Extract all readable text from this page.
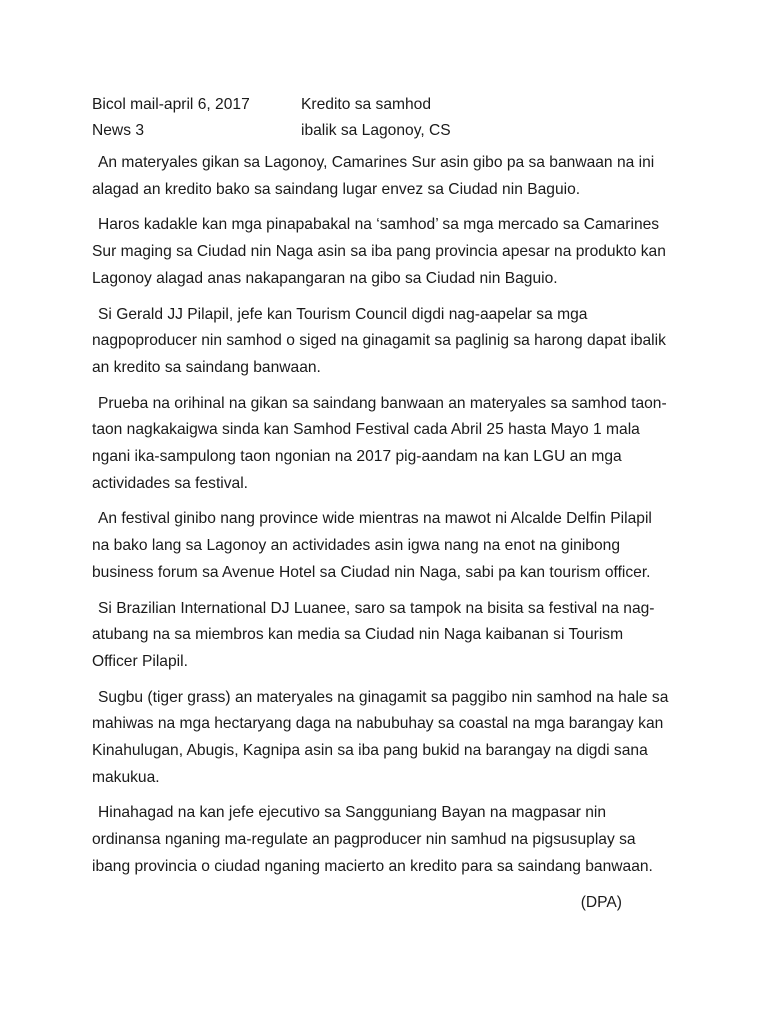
Bicol mail-april 6, 2017	Kredito sa samhod
News 3	ibalik sa Lagonoy, CS

An materyales gikan sa Lagonoy, Camarines Sur asin gibo pa sa banwaan na ini alagad an kredito bako sa saindang lugar envez sa Ciudad nin Baguio.

Haros kadakle kan mga pinapabakal na ‘samhod’ sa mga mercado sa Camarines Sur maging sa Ciudad nin Naga asin sa iba pang provincia apesar na produkto kan Lagonoy alagad anas nakapangaran na gibo sa Ciudad nin Baguio.

Si Gerald JJ Pilapil, jefe kan Tourism Council digdi nag-aapelar sa mga nagpoproducer nin samhod o siged na ginagamit sa paglinig sa harong dapat ibalik an kredito sa saindang banwaan.

Prueba na orihinal na gikan sa saindang banwaan an materyales sa samhod taon-taon nagkakaigwa sinda kan Samhod Festival cada Abril 25 hasta Mayo 1 mala ngani ika-sampulong taon ngonian na 2017 pig-aandam na kan LGU an mga actividades sa festival.

An festival ginibo nang province wide mientras na mawot ni Alcalde Delfin Pilapil na bako lang sa Lagonoy an actividades asin igwa nang na enot na ginibong business forum sa Avenue Hotel sa Ciudad nin Naga, sabi pa kan tourism officer.

Si Brazilian International DJ Luanee, saro sa tampok na bisita sa festival na nag-atubang na sa miembros kan media sa Ciudad nin Naga kaibanan si Tourism Officer Pilapil.

Sugbu (tiger grass) an materyales na ginagamit sa paggibo nin samhod na hale sa mahiwas na mga hectaryang daga na nabubuhay sa coastal na mga barangay kan Kinahulugan, Abugis, Kagnipa asin sa iba pang bukid na barangay na digdi sana makukua.

Hinahagad na kan jefe ejecutivo sa Sangguniang Bayan na magpasar nin ordinansa nganing ma-regulate an pagproducer nin samhud na pigsusuplay sa ibang provincia o ciudad nganing macierto an kredito para sa saindang banwaan.

(DPA)
